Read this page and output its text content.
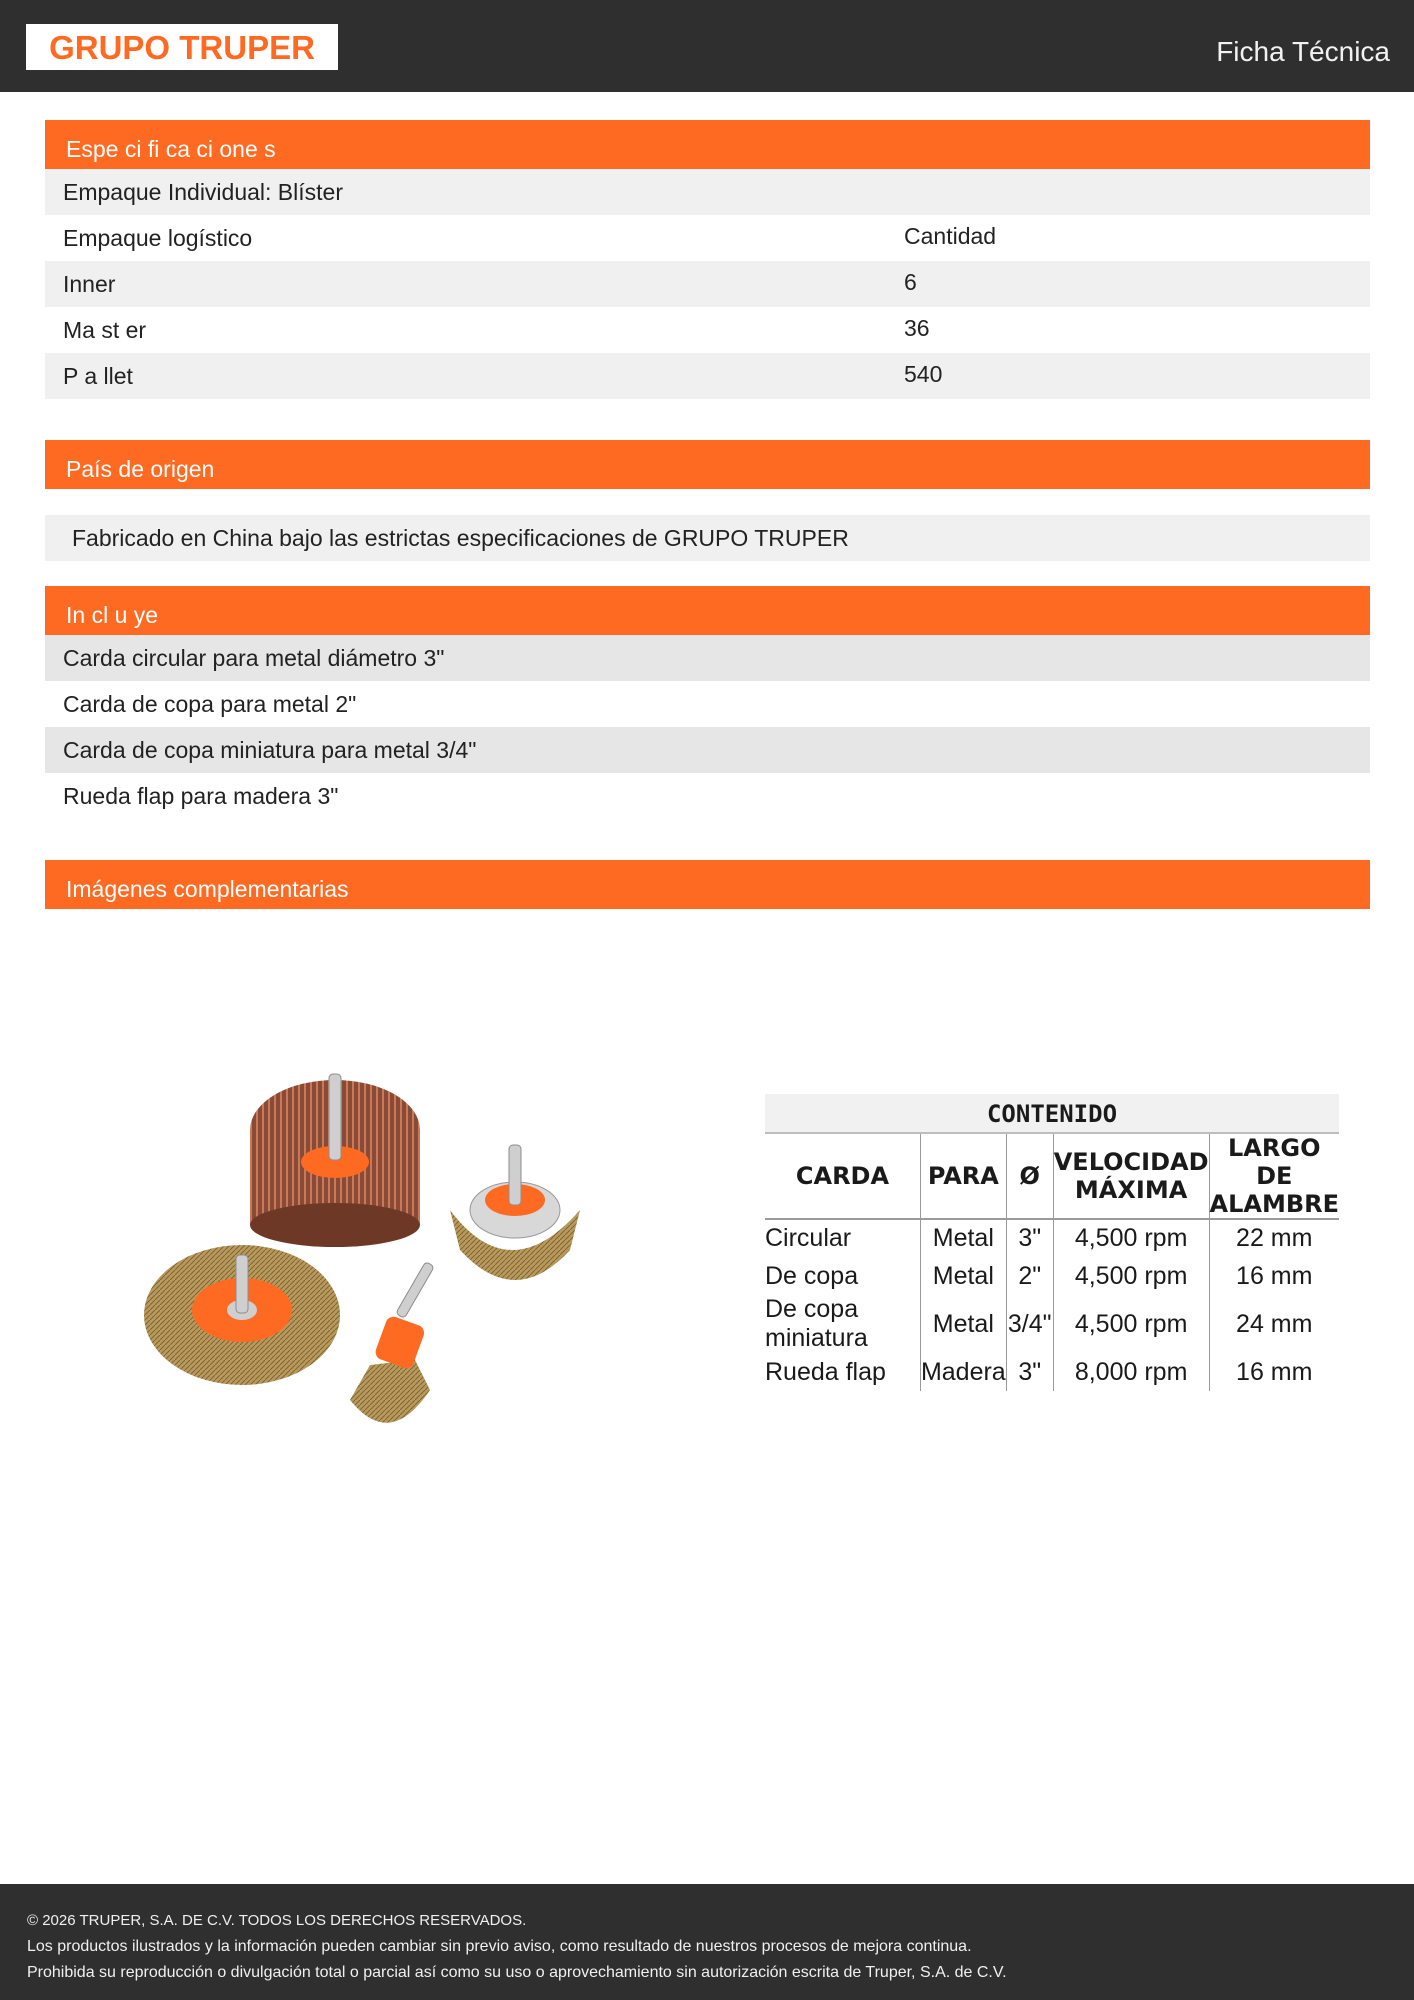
GRUPO TRUPER	Ficha Técnica
Espe ci fi ca ci one s
Empaque Individual: Blíster
Empaque logístico	Cantidad
Inner	6
Ma st er	36
P a llet	540
País de origen
Fabricado en China bajo las estrictas especificaciones de GRUPO TRUPER
In cl u ye
Carda circular para metal diámetro 3"
Carda de copa para metal 2"
Carda de copa miniatura para metal 3/4"
Rueda flap para madera 3"
Imágenes complementarias
CONTENIDO
CARDA	PARA	Ø	VELOCIDAD MÁXIMA	LARGO DE ALAMBRE
Circular	Metal	3"	4,500 rpm	22 mm
De copa	Metal	2"	4,500 rpm	16 mm
De copa miniatura	Metal	3/4"	4,500 rpm	24 mm
Rueda flap	Madera	3"	8,000 rpm	16 mm

© 2026 TRUPER, S.A. DE C.V. TODOS LOS DERECHOS RESERVADOS.

Los productos ilustrados y la información pueden cambiar sin previo aviso, como resultado de nuestros procesos de mejora continua.

Prohibida su reproducción o divulgación total o parcial así como su uso o aprovechamiento sin autorización escrita de Truper, S.A. de C.V.
